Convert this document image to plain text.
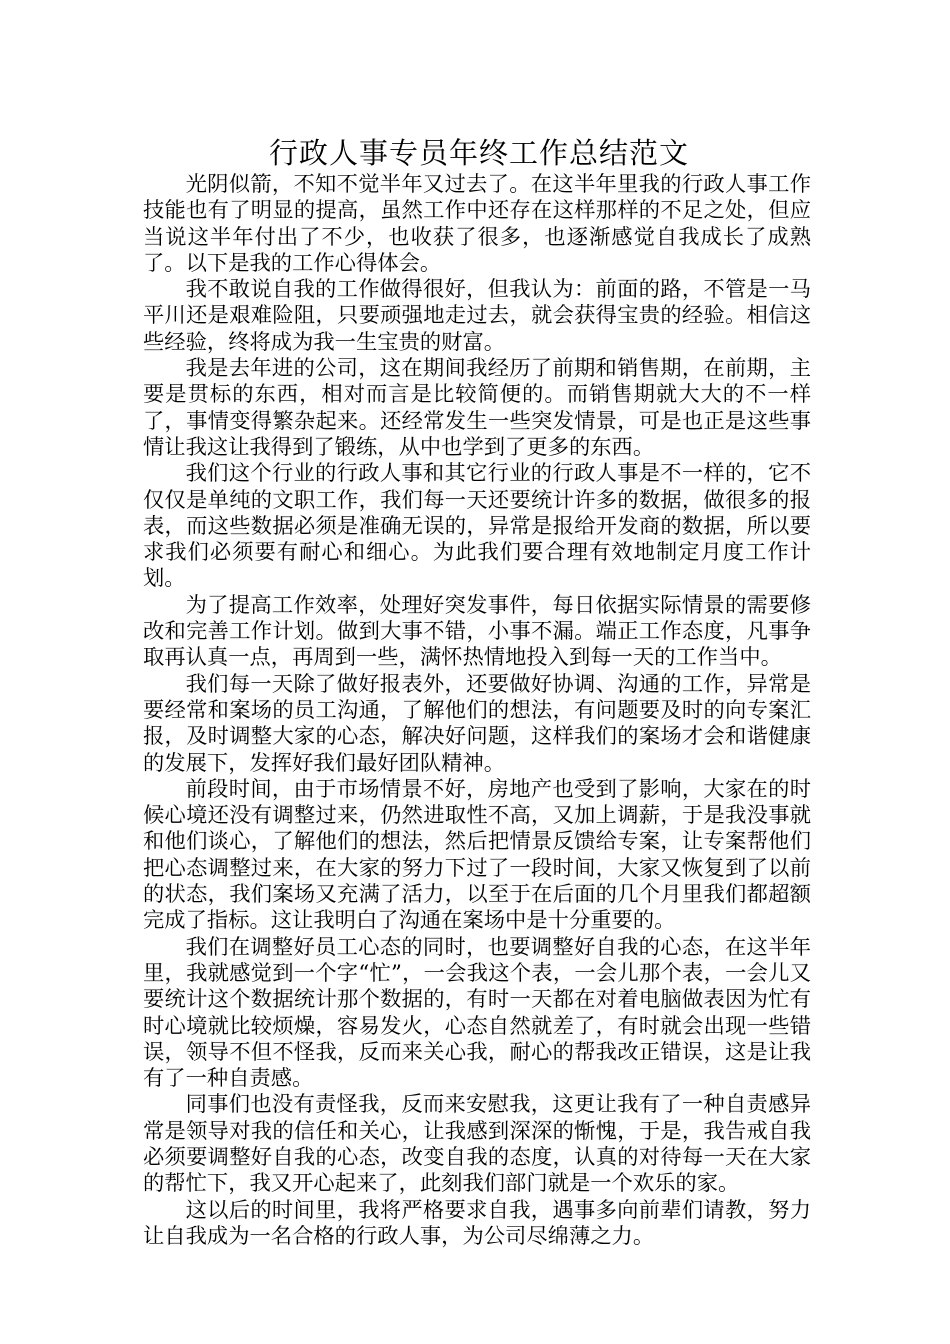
行政人事专员年终工作总结范文

光阴似箭，不知不觉半年又过去了。在这半年里我的行政人事工作技能也有了明显的提高，虽然工作中还存在这样那样的不足之处，但应当说这半年付出了不少，也收获了很多，也逐渐感觉自我成长了成熟了。以下是我的工作心得体会。

我不敢说自我的工作做得很好，但我认为：前面的路，不管是一马平川还是艰难险阻，只要顽强地走过去，就会获得宝贵的经验。相信这些经验，终将成为我一生宝贵的财富。

我是去年进的公司，这在期间我经历了前期和销售期，在前期，主要是贯标的东西，相对而言是比较简便的。而销售期就大大的不一样了，事情变得繁杂起来。还经常发生一些突发情景，可是也正是这些事情让我这让我得到了锻练，从中也学到了更多的东西。

我们这个行业的行政人事和其它行业的行政人事是不一样的，它不仅仅是单纯的文职工作，我们每一天还要统计许多的数据，做很多的报表，而这些数据必须是准确无误的，异常是报给开发商的数据，所以要求我们必须要有耐心和细心。为此我们要合理有效地制定月度工作计划。

为了提高工作效率，处理好突发事件，每日依据实际情景的需要修改和完善工作计划。做到大事不错，小事不漏。端正工作态度，凡事争取再认真一点，再周到一些，满怀热情地投入到每一天的工作当中。

我们每一天除了做好报表外，还要做好协调、沟通的工作，异常是要经常和案场的员工沟通，了解他们的想法，有问题要及时的向专案汇报，及时调整大家的心态，解决好问题，这样我们的案场才会和谐健康的发展下，发挥好我们最好团队精神。

前段时间，由于市场情景不好，房地产也受到了影响，大家在的时候心境还没有调整过来，仍然进取性不高，又加上调薪，于是我没事就和他们谈心，了解他们的想法，然后把情景反馈给专案，让专案帮他们把心态调整过来，在大家的努力下过了一段时间，大家又恢复到了以前的状态，我们案场又充满了活力，以至于在后面的几个月里我们都超额完成了指标。这让我明白了沟通在案场中是十分重要的。

我们在调整好员工心态的同时，也要调整好自我的心态，在这半年里，我就感觉到一个字“忙”，一会我这个表，一会儿那个表，一会儿又要统计这个数据统计那个数据的，有时一天都在对着电脑做表因为忙有时心境就比较烦燥，容易发火，心态自然就差了，有时就会出现一些错误，领导不但不怪我，反而来关心我，耐心的帮我改正错误，这是让我有了一种自责感。

同事们也没有责怪我，反而来安慰我，这更让我有了一种自责感异常是领导对我的信任和关心，让我感到深深的惭愧，于是，我告戒自我必须要调整好自我的心态，改变自我的态度，认真的对待每一天在大家的帮忙下，我又开心起来了，此刻我们部门就是一个欢乐的家。

这以后的时间里，我将严格要求自我，遇事多向前辈们请教，努力让自我成为一名合格的行政人事，为公司尽绵薄之力。
